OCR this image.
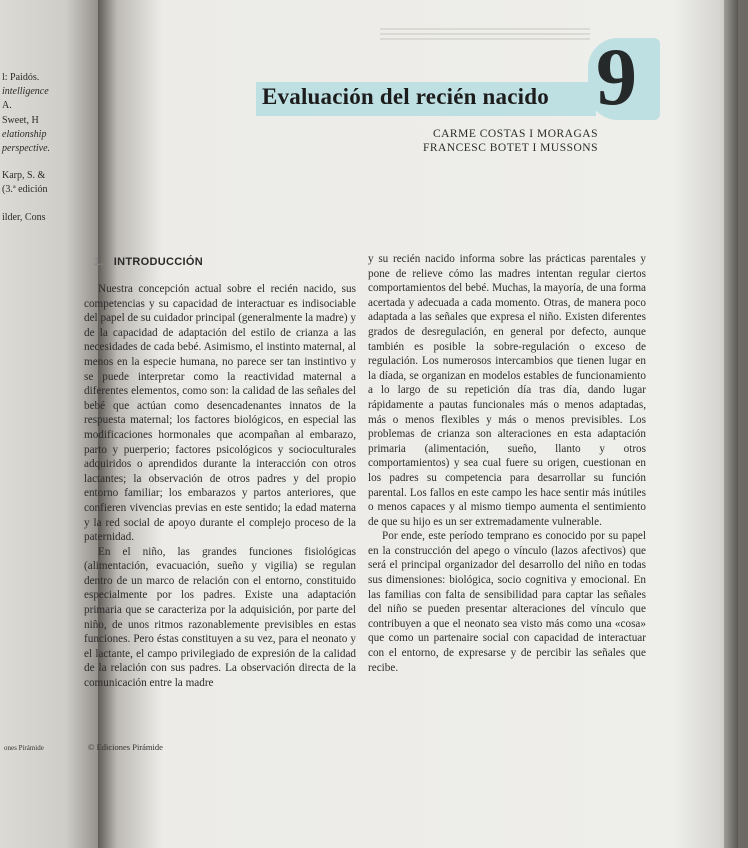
l: Paidós.
intelligence
A.
Sweet, H
elationship
perspective.
Karp, S. &
(3.ª edición
ilder, Cons
ones Pirámide
9
Evaluación del recién nacido
CARME COSTAS I MORAGAS
FRANCESC BOTET I MUSSONS
1. INTRODUCCIÓN

Nuestra concepción actual sobre el recién nacido, sus competencias y su capacidad de interactuar es indisociable del papel de su cuidador principal (generalmente la madre) y de la capacidad de adaptación del estilo de crianza a las necesidades de cada bebé. Asimismo, el instinto maternal, al menos en la especie humana, no parece ser tan instintivo y se puede interpretar como la reactividad maternal a diferentes elementos, como son: la calidad de las señales del bebé que actúan como desencadenantes innatos de la respuesta maternal; los factores biológicos, en especial las modificaciones hormonales que acompañan al embarazo, parto y puerperio; factores psicológicos y socioculturales adquiridos o aprendidos durante la interacción con otros lactantes; la observación de otros padres y del propio entorno familiar; los embarazos y partos anteriores, que confieren vivencias previas en este sentido; la edad materna y la red social de apoyo durante el complejo proceso de la paternidad.

En el niño, las grandes funciones fisiológicas (alimentación, evacuación, sueño y vigilia) se regulan dentro de un marco de relación con el entorno, constituido especialmente por los padres. Existe una adaptación primaria que se caracteriza por la adquisición, por parte del niño, de unos ritmos razonablemente previsibles en estas funciones. Pero éstas constituyen a su vez, para el neonato y el lactante, el campo privilegiado de expresión de la calidad de la relación con sus padres. La observación directa de la comunicación entre la madre

y su recién nacido informa sobre las prácticas parentales y pone de relieve cómo las madres intentan regular ciertos comportamientos del bebé. Muchas, la mayoría, de una forma acertada y adecuada a cada momento. Otras, de manera poco adaptada a las señales que expresa el niño. Existen diferentes grados de desregulación, en general por defecto, aunque también es posible la sobre-regulación o exceso de regulación. Los numerosos intercambios que tienen lugar en la díada, se organizan en modelos estables de funcionamiento a lo largo de su repetición día tras día, dando lugar rápidamente a pautas funcionales más o menos adaptadas, más o menos flexibles y más o menos previsibles. Los problemas de crianza son alteraciones en esta adaptación primaria (alimentación, sueño, llanto y otros comportamientos) y sea cual fuere su origen, cuestionan en los padres su competencia para desarrollar su función parental. Los fallos en este campo les hace sentir más inútiles o menos capaces y al mismo tiempo aumenta el sentimiento de que su hijo es un ser extremadamente vulnerable.

Por ende, este período temprano es conocido por su papel en la construcción del apego o vínculo (lazos afectivos) que será el principal organizador del desarrollo del niño en todas sus dimensiones: biológica, socio cognitiva y emocional. En las familias con falta de sensibilidad para captar las señales del niño se pueden presentar alteraciones del vínculo que contribuyen a que el neonato sea visto más como una «cosa» que como un partenaire social con capacidad de interactuar con el entorno, de expresarse y de percibir las señales que recibe.

© Ediciones Pirámide
